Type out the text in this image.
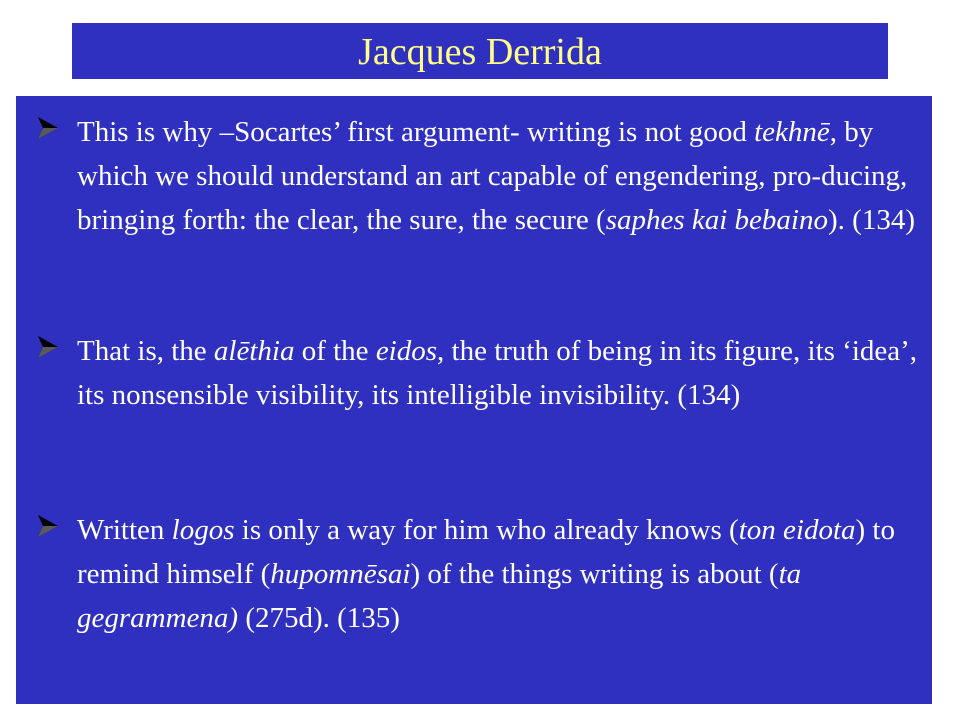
Jacques Derrida
This is why –Socartes’ first argument- writing is not good tekhnē, by which we should understand an art capable of engendering, pro-ducing, bringing forth: the clear, the sure, the secure (saphes kai bebaino). (134)
That is, the alēthia of the eidos, the truth of being in its figure, its ‘idea’, its nonsensible visibility, its intelligible invisibility. (134)
Written logos is only a way for him who already knows (ton eidota) to remind himself (hupomnēsai) of the things writing is about (ta gegrammena) (275d). (135)
